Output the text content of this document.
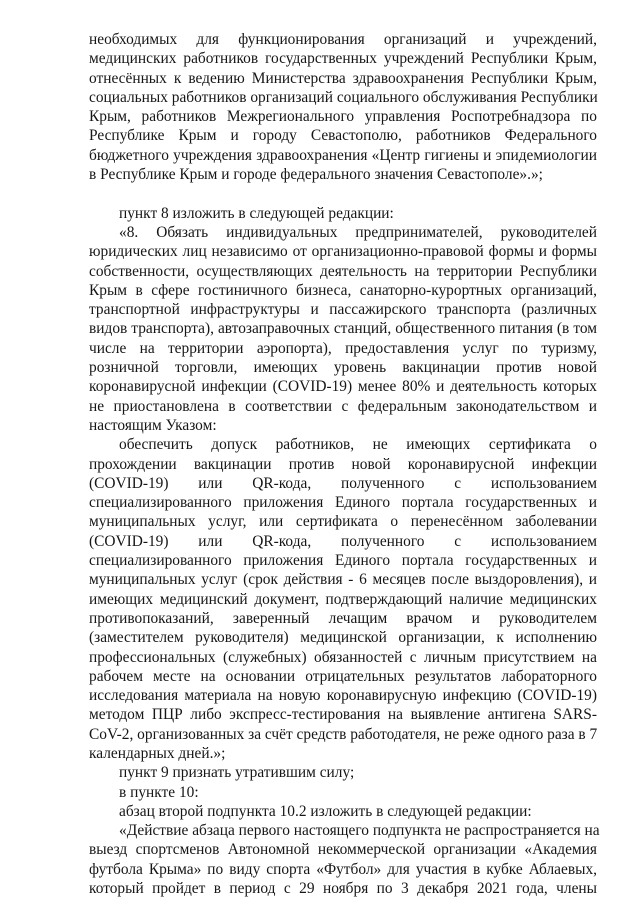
необходимых для функционирования организаций и учреждений,
медицинских работников государственных учреждений Республики Крым,
отнесённых к ведению Министерства здравоохранения Республики Крым,
социальных работников организаций социального обслуживания Республики
Крым, работников Межрегионального управления Роспотребнадзора по
Республике Крым и городу Севастополю, работников Федерального
бюджетного учреждения здравоохранения «Центр гигиены и эпидемиологии
в Республике Крым и городе федерального значения Севастополе».»;
пункт 8 изложить в следующей редакции:
«8. Обязать индивидуальных предпринимателей, руководителей
юридических лиц независимо от организационно-правовой формы и формы
собственности, осуществляющих деятельность на территории Республики
Крым в сфере гостиничного бизнеса, санаторно-курортных организаций,
транспортной инфраструктуры и пассажирского транспорта (различных
видов транспорта), автозаправочных станций, общественного питания (в том
числе на территории аэропорта), предоставления услуг по туризму,
розничной торговли, имеющих уровень вакцинации против новой
коронавирусной инфекции (COVID-19) менее 80% и деятельность которых
не приостановлена в соответствии с федеральным законодательством и
настоящим Указом:
обеспечить допуск работников, не имеющих сертификата о
прохождении вакцинации против новой коронавирусной инфекции
(COVID-19) или QR-кода, полученного с использованием
специализированного приложения Единого портала государственных и
муниципальных услуг, или сертификата о перенесённом заболевании
(COVID-19) или QR-кода, полученного с использованием
специализированного приложения Единого портала государственных и
муниципальных услуг (срок действия - 6 месяцев после выздоровления), и
имеющих медицинский документ, подтверждающий наличие медицинских
противопоказаний, заверенный лечащим врачом и руководителем
(заместителем руководителя) медицинской организации, к исполнению
профессиональных (служебных) обязанностей с личным присутствием на
рабочем месте на основании отрицательных результатов лабораторного
исследования материала на новую коронавирусную инфекцию (COVID-19)
методом ПЦР либо экспресс-тестирования на выявление антигена SARS-
CoV-2, организованных за счёт средств работодателя, не реже одного раза в 7
календарных дней.»;
пункт 9 признать утратившим силу;
в пункте 10:
абзац второй подпункта 10.2 изложить в следующей редакции:
«Действие абзаца первого настоящего подпункта не распространяется на
выезд спортсменов Автономной некоммерческой организации «Академия
футбола Крыма» по виду спорта «Футбол» для участия в кубке Аблаевых,
который пройдет в период с 29 ноября по 3 декабря 2021 года, члены
